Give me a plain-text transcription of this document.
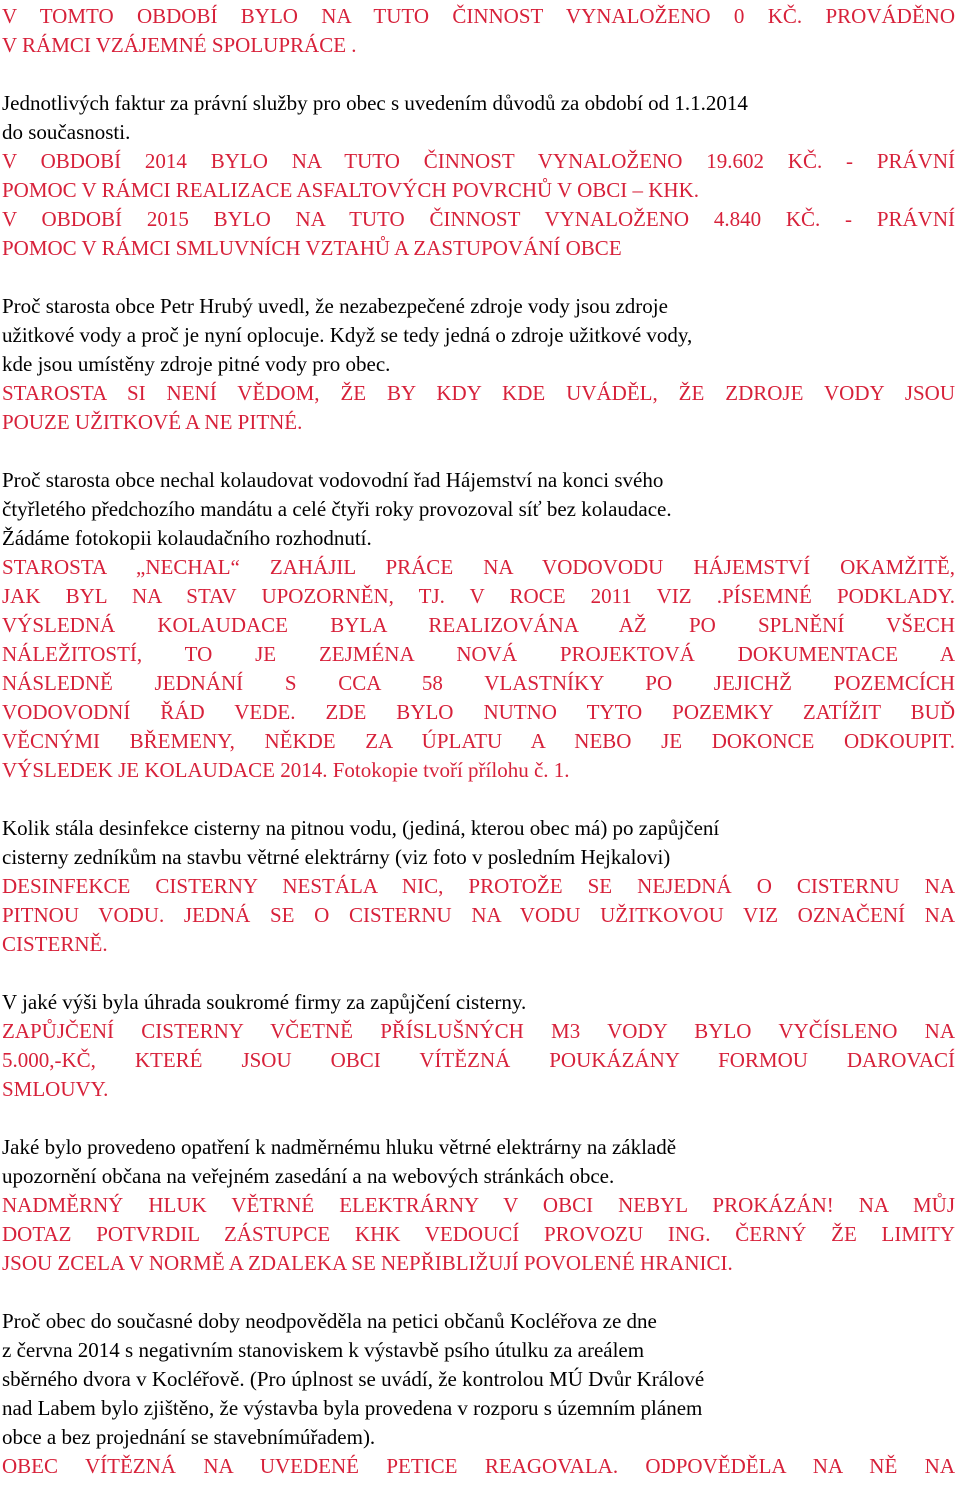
V TOMTO OBDOBÍ BYLO NA TUTO ČINNOST VYNALOŽENO 0 KČ. PROVÁDĚNO
V RÁMCI VZÁJEMNÉ SPOLUPRÁCE .
Jednotlivých faktur za právní služby pro obec s uvedením důvodů za období od 1.1.2014
do současnosti.
V OBDOBÍ 2014 BYLO NA TUTO ČINNOST VYNALOŽENO 19.602 KČ. - PRÁVNÍ
POMOC V RÁMCI REALIZACE ASFALTOVÝCH POVRCHŮ V OBCI – KHK.
V OBDOBÍ 2015 BYLO NA TUTO ČINNOST VYNALOŽENO 4.840 KČ. - PRÁVNÍ
POMOC V RÁMCI SMLUVNÍCH VZTAHŮ A ZASTUPOVÁNÍ OBCE
Proč starosta obce Petr Hrubý uvedl, že nezabezpečené zdroje vody jsou zdroje
užitkové vody a proč je nyní oplocuje. Když se tedy jedná o zdroje užitkové vody,
kde jsou umístěny zdroje pitné vody pro obec.
STAROSTA SI NENÍ VĚDOM, ŽE BY KDY KDE UVÁDĚL, ŽE ZDROJE VODY JSOU
POUZE UŽITKOVÉ A NE PITNÉ.
Proč starosta obce nechal kolaudovat vodovodní řad Hájemství na konci svého
čtyřletého předchozího mandátu a celé čtyři roky provozoval síť bez kolaudace.
Žádáme fotokopii kolaudačního rozhodnutí.
STAROSTA „NECHAL“ ZAHÁJIL PRÁCE NA VODOVODU HÁJEMSTVÍ OKAMŽITĚ,
JAK BYL NA STAV UPOZORNĚN, TJ. V ROCE 2011 VIZ .PÍSEMNÉ PODKLADY.
VÝSLEDNÁ KOLAUDACE BYLA REALIZOVÁNA AŽ PO SPLNĚNÍ VŠECH
NÁLEŽITOSTÍ, TO JE ZEJMÉNA NOVÁ PROJEKTOVÁ DOKUMENTACE A
NÁSLEDNĚ JEDNÁNÍ S CCA 58 VLASTNÍKY PO JEJICHŽ POZEMCÍCH
VODOVODNÍ ŘÁD VEDE. ZDE BYLO NUTNO TYTO POZEMKY ZATÍŽIT BUĎ
VĚCNÝMI BŘEMENY, NĚKDE ZA ÚPLATU A NEBO JE DOKONCE ODKOUPIT.
VÝSLEDEK JE KOLAUDACE 2014. Fotokopie tvoří přílohu č. 1.
Kolik stála desinfekce cisterny na pitnou vodu, (jediná, kterou obec má) po zapůjčení
cisterny zedníkům na stavbu větrné elektrárny (viz foto v posledním Hejkalovi)
DESINFEKCE CISTERNY NESTÁLA NIC, PROTOŽE SE NEJEDNÁ O CISTERNU NA
PITNOU VODU. JEDNÁ SE O CISTERNU NA VODU UŽITKOVOU VIZ OZNAČENÍ NA
CISTERNĚ.
V jaké výši byla úhrada soukromé firmy za zapůjčení cisterny.
ZAPŮJČENÍ CISTERNY VČETNĚ PŘÍSLUŠNÝCH M3 VODY BYLO VYČÍSLENO NA
5.000,-KČ, KTERÉ JSOU OBCI VÍTĚZNÁ POUKÁZÁNY FORMOU DAROVACÍ
SMLOUVY.
Jaké bylo provedeno opatření k nadměrnému hluku větrné elektrárny na základě
upozornění občana na veřejném zasedání a na webových stránkách obce.
NADMĚRNÝ HLUK VĚTRNÉ ELEKTRÁRNY V OBCI NEBYL PROKÁZÁN! NA MŮJ
DOTAZ POTVRDIL ZÁSTUPCE KHK VEDOUCÍ PROVOZU ING. ČERNÝ ŽE LIMITY
JSOU ZCELA V NORMĚ A ZDALEKA SE NEPŘIBLIŽUJÍ POVOLENÉ HRANICI.
Proč obec do současné doby neodpověděla na petici občanů Kocléřova ze dne
z června 2014 s negativním stanoviskem k výstavbě psího útulku za areálem
sběrného dvora v Kocléřově. (Pro úplnost se uvádí, že kontrolou MÚ Dvůr Králové
nad Labem bylo zjištěno, že výstavba byla provedena v rozporu s územním plánem
obce a bez projednání se stavebnímúřadem).
OBEC VÍTĚZNÁ NA UVEDENÉ PETICE REAGOVALA. ODPOVĚDĚLA NA NĚ NA
